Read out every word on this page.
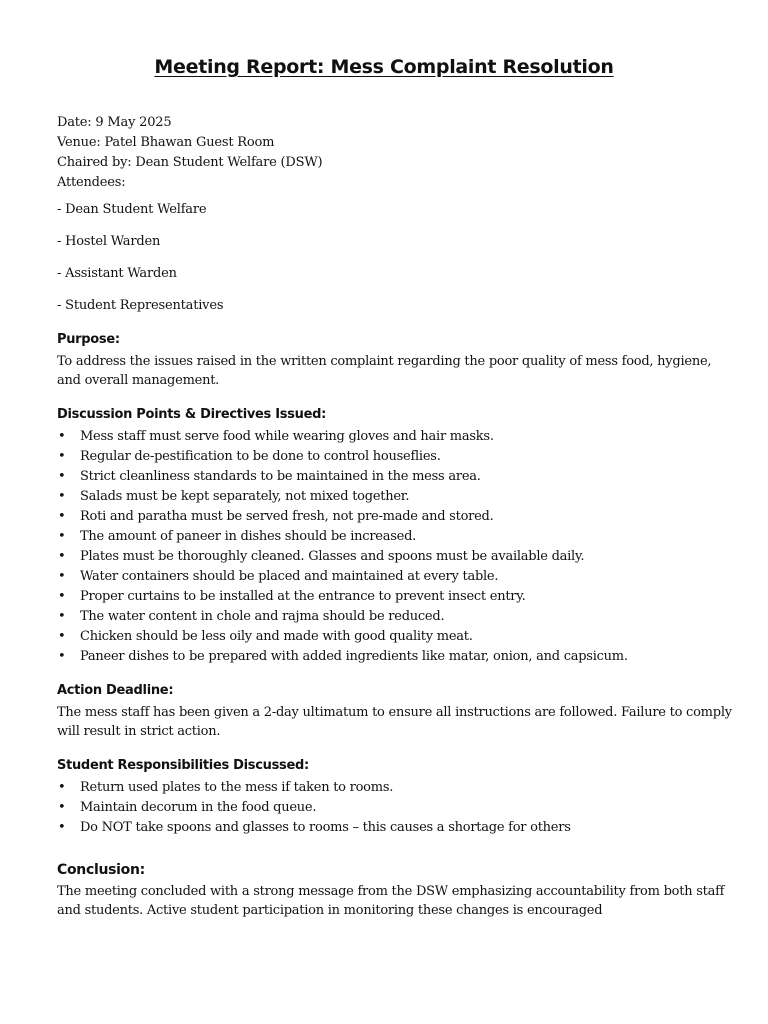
Meeting Report: Mess Complaint Resolution
Date: 9 May 2025
Venue: Patel Bhawan Guest Room
Chaired by: Dean Student Welfare (DSW)
Attendees:
- Dean Student Welfare
- Hostel Warden
- Assistant Warden
- Student Representatives
Purpose:
To address the issues raised in the written complaint regarding the poor quality of mess food, hygiene, and overall management.
Discussion Points & Directives Issued:
• Mess staff must serve food while wearing gloves and hair masks.
• Regular de-pestification to be done to control houseflies.
• Strict cleanliness standards to be maintained in the mess area.
• Salads must be kept separately, not mixed together.
• Roti and paratha must be served fresh, not pre-made and stored.
• The amount of paneer in dishes should be increased.
• Plates must be thoroughly cleaned. Glasses and spoons must be available daily.
• Water containers should be placed and maintained at every table.
• Proper curtains to be installed at the entrance to prevent insect entry.
• The water content in chole and rajma should be reduced.
• Chicken should be less oily and made with good quality meat.
• Paneer dishes to be prepared with added ingredients like matar, onion, and capsicum.
Action Deadline:
The mess staff has been given a 2-day ultimatum to ensure all instructions are followed. Failure to comply will result in strict action.
Student Responsibilities Discussed:
• Return used plates to the mess if taken to rooms.
• Maintain decorum in the food queue.
• Do NOT take spoons and glasses to rooms – this causes a shortage for others
Conclusion:
The meeting concluded with a strong message from the DSW emphasizing accountability from both staff and students. Active student participation in monitoring these changes is encouraged
